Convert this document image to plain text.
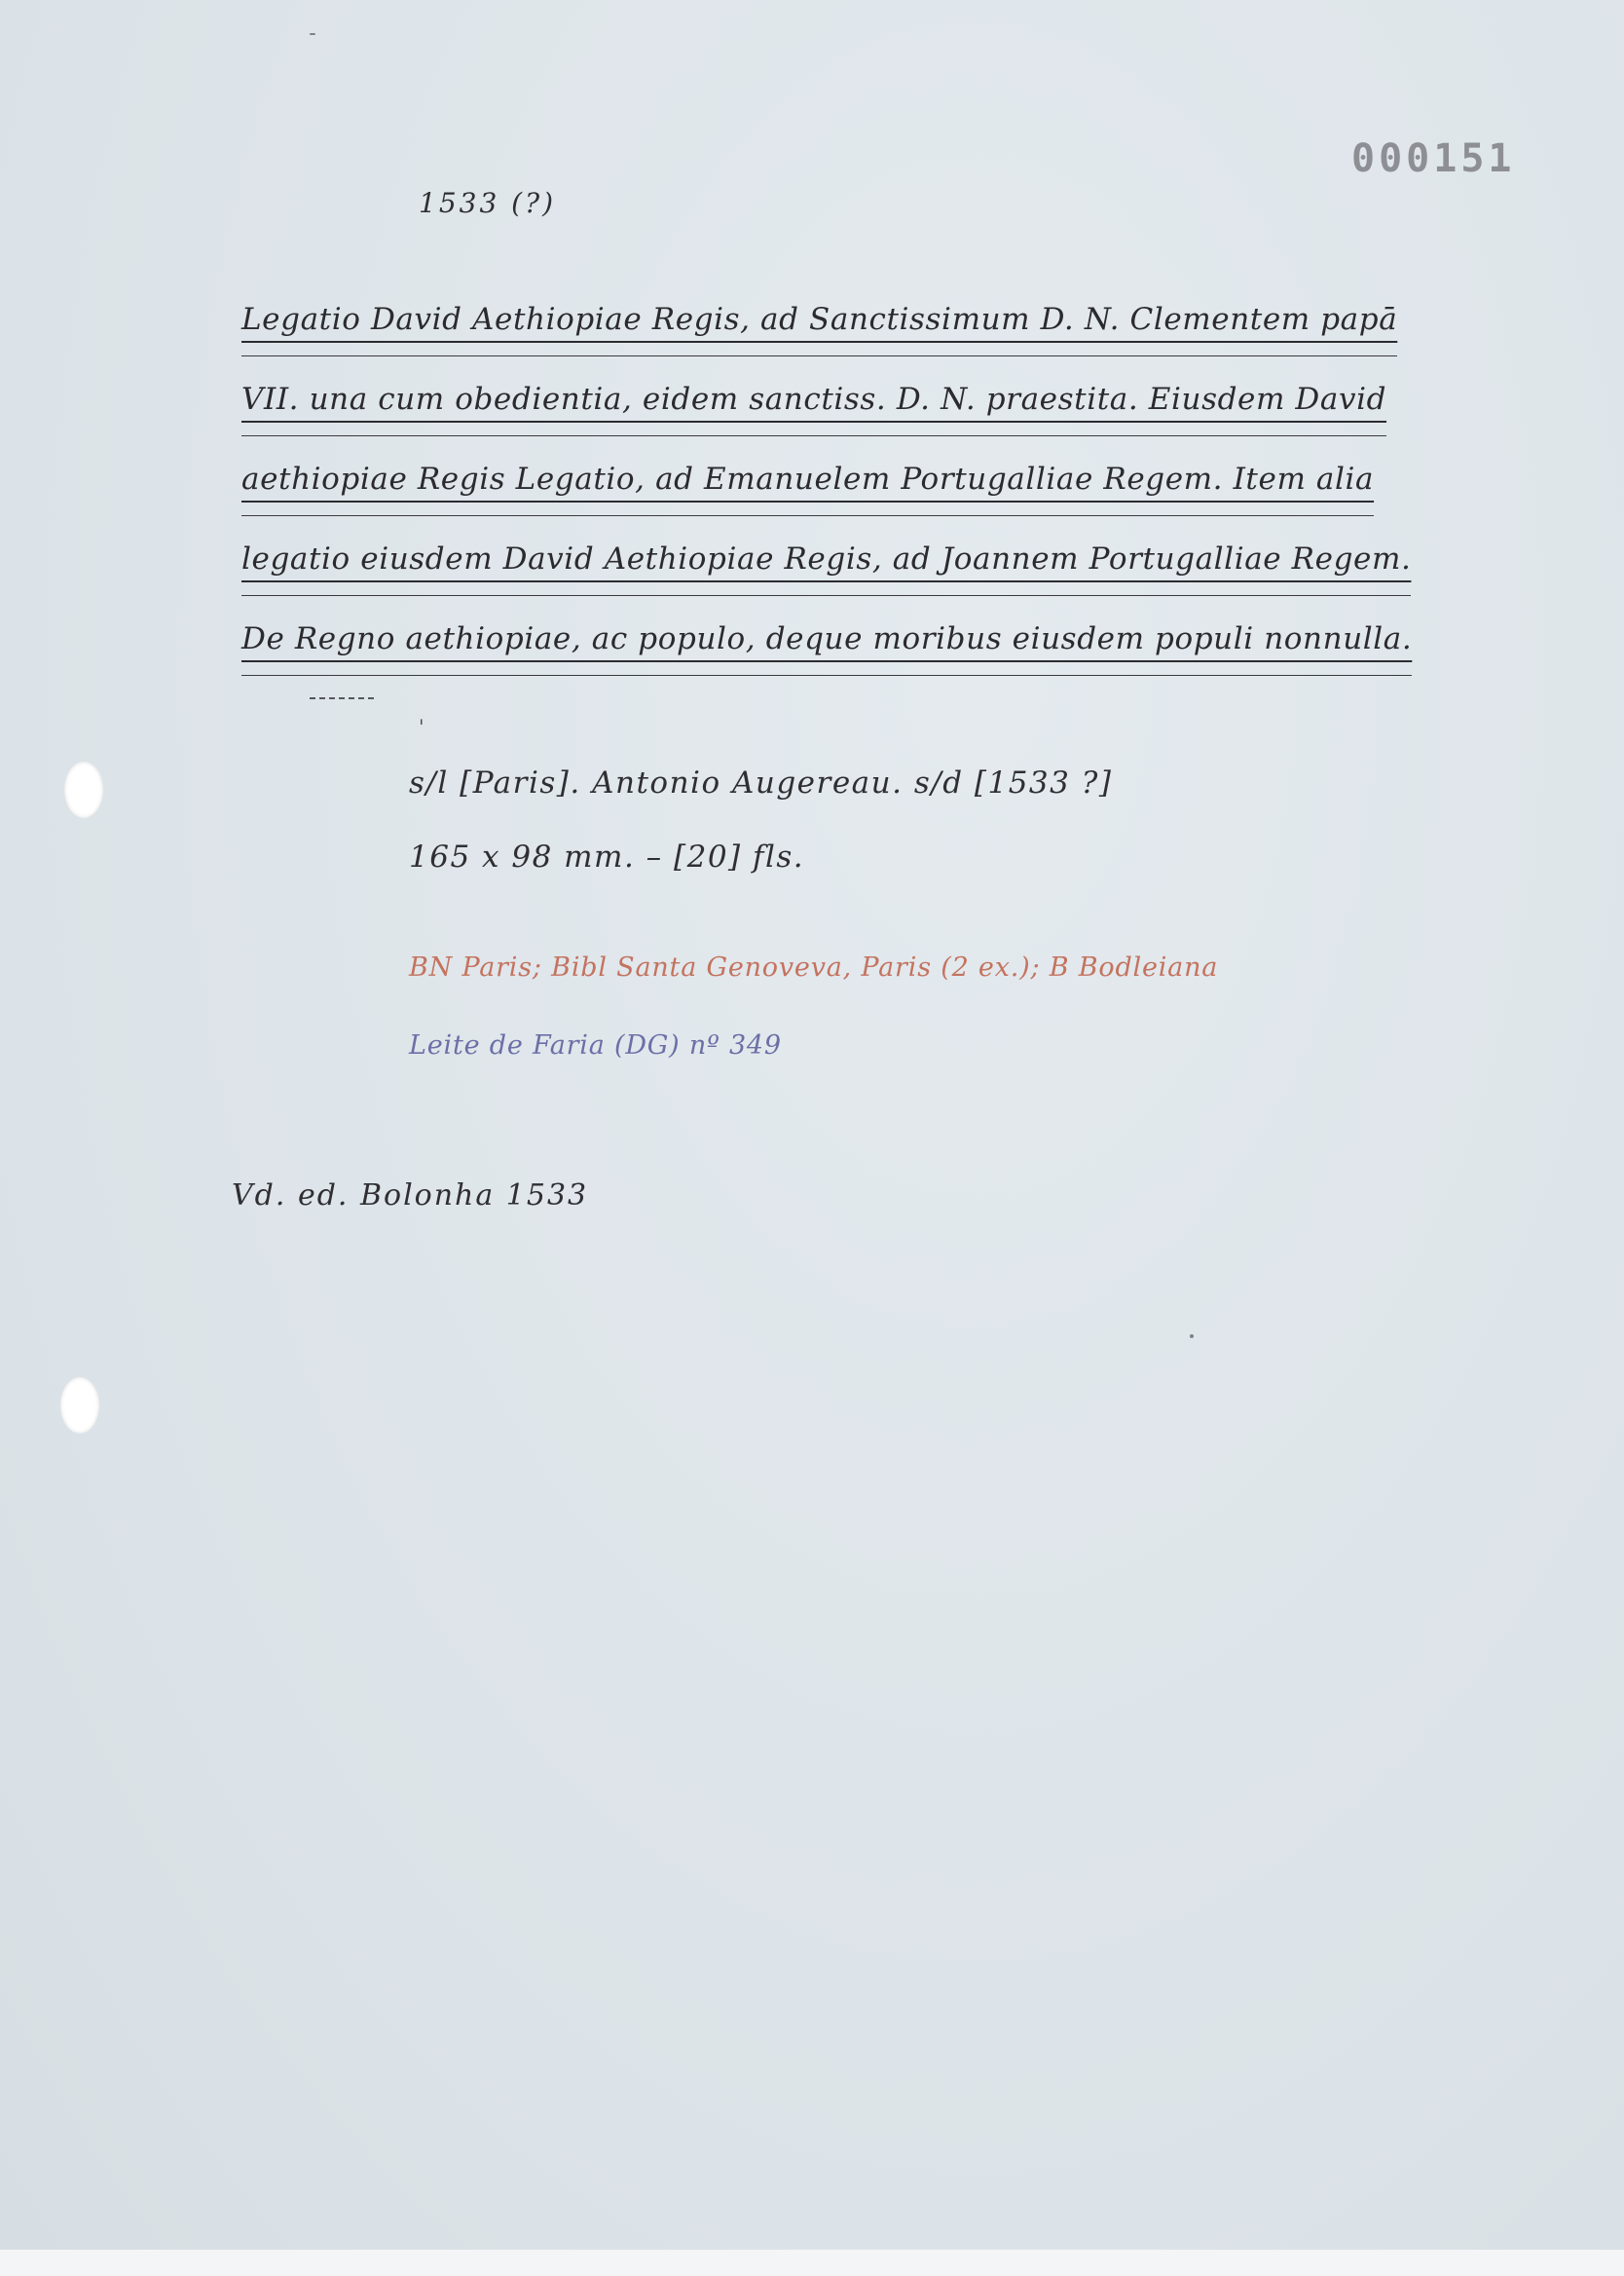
000151

1533 (?)

Legatio David Aethiopiae Regis, ad Sanctissimum D. N. Clementem papā
VII. una cum obedientia, eidem sanctiss. D. N. praestita. Eiusdem David
aethiopiae Regis Legatio, ad Emanuelem Portugalliae Regem. Item alia
legatio eiusdem David Aethiopiae Regis, ad Joannem Portugalliae Regem.
De Regno aethiopiae, ac populo, deque moribus eiusdem populi nonnulla.
ˌ

s/l [Paris]. Antonio Augereau. s/d [1533 ?]

165 x 98 mm. – [20] fls.

BN Paris; Bibl Santa Genoveva, Paris (2 ex.); B Bodleiana

Leite de Faria (DG) nº 349

Vd. ed. Bolonha 1533
